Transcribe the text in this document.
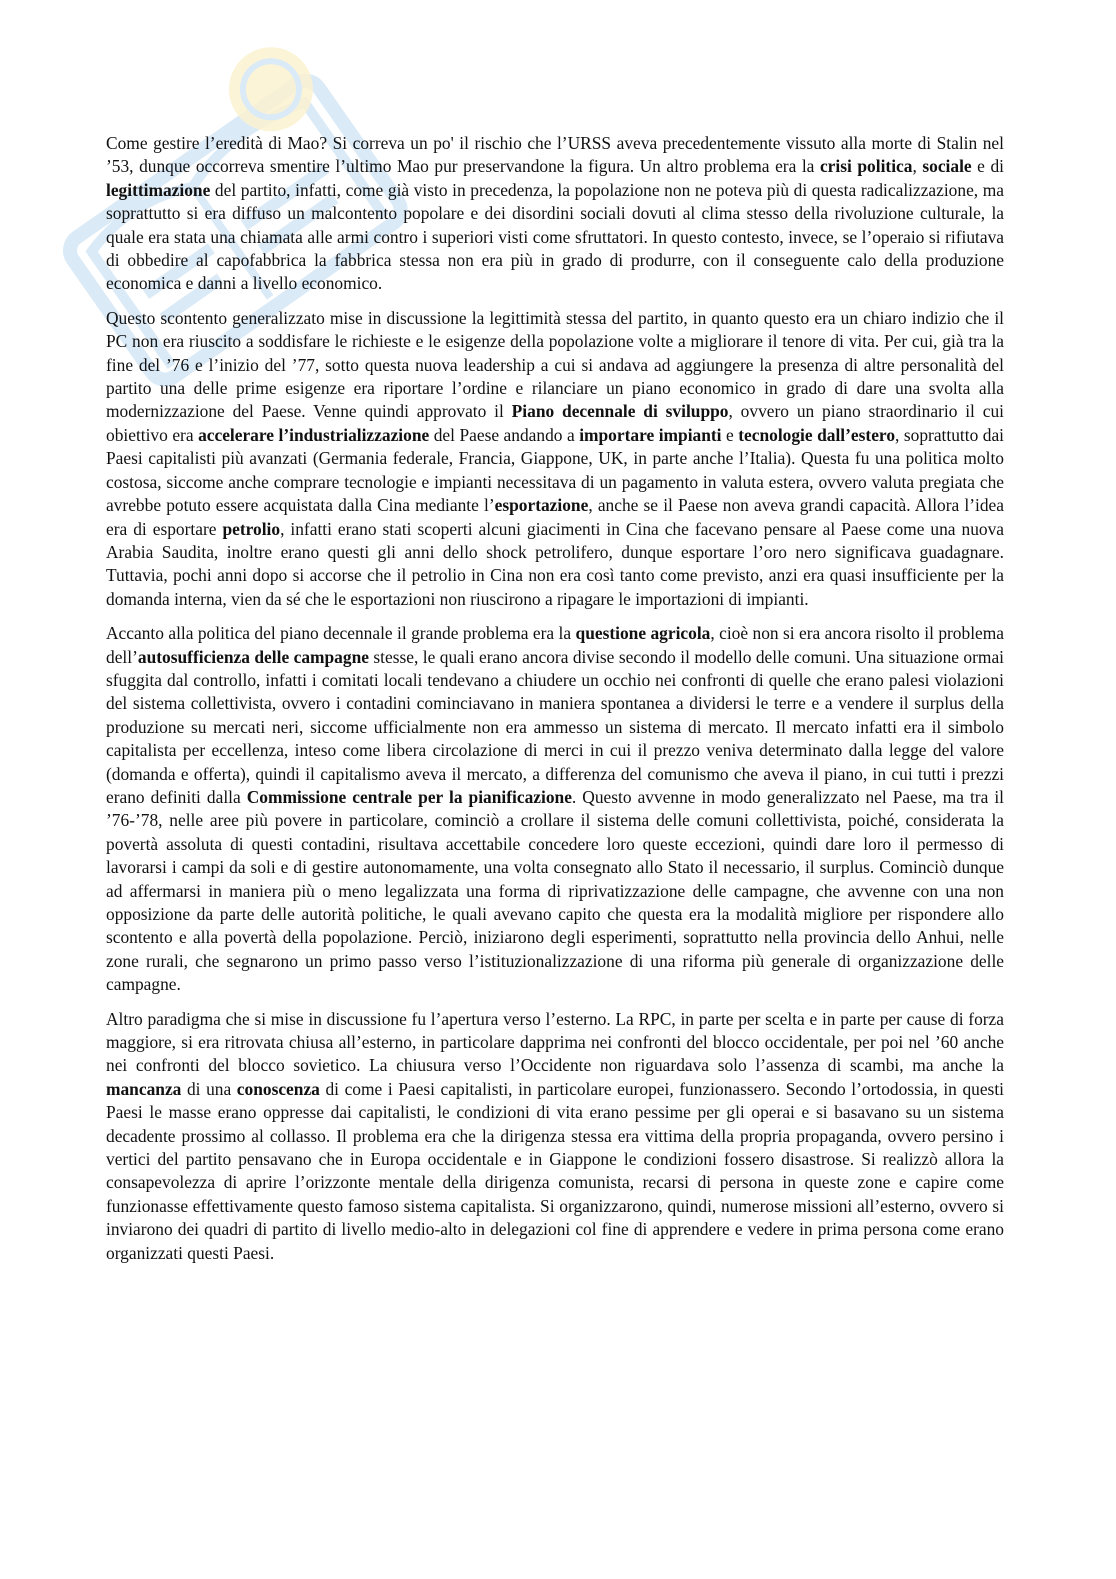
Come gestire l’eredità di Mao? Si correva un po' il rischio che l’URSS aveva precedentemente vissuto alla morte di Stalin nel ’53, dunque occorreva smentire l’ultimo Mao pur preservandone la figura. Un altro problema era la crisi politica, sociale e di legittimazione del partito, infatti, come già visto in precedenza, la popolazione non ne poteva più di questa radicalizzazione, ma soprattutto si era diffuso un malcontento popolare e dei disordini sociali dovuti al clima stesso della rivoluzione culturale, la quale era stata una chiamata alle armi contro i superiori visti come sfruttatori. In questo contesto, invece, se l’operaio si rifiutava di obbedire al capofabbrica la fabbrica stessa non era più in grado di produrre, con il conseguente calo della produzione economica e danni a livello economico.

Questo scontento generalizzato mise in discussione la legittimità stessa del partito, in quanto questo era un chiaro indizio che il PC non era riuscito a soddisfare le richieste e le esigenze della popolazione volte a migliorare il tenore di vita. Per cui, già tra la fine del ’76 e l’inizio del ’77, sotto questa nuova leadership a cui si andava ad aggiungere la presenza di altre personalità del partito una delle prime esigenze era riportare l’ordine e rilanciare un piano economico in grado di dare una svolta alla modernizzazione del Paese. Venne quindi approvato il Piano decennale di sviluppo, ovvero un piano straordinario il cui obiettivo era accelerare l’industrializzazione del Paese andando a importare impianti e tecnologie dall’estero, soprattutto dai Paesi capitalisti più avanzati (Germania federale, Francia, Giappone, UK, in parte anche l’Italia). Questa fu una politica molto costosa, siccome anche comprare tecnologie e impianti necessitava di un pagamento in valuta estera, ovvero valuta pregiata che avrebbe potuto essere acquistata dalla Cina mediante l’esportazione, anche se il Paese non aveva grandi capacità. Allora l’idea era di esportare petrolio, infatti erano stati scoperti alcuni giacimenti in Cina che facevano pensare al Paese come una nuova Arabia Saudita, inoltre erano questi gli anni dello shock petrolifero, dunque esportare l’oro nero significava guadagnare. Tuttavia, pochi anni dopo si accorse che il petrolio in Cina non era così tanto come previsto, anzi era quasi insufficiente per la domanda interna, vien da sé che le esportazioni non riuscirono a ripagare le importazioni di impianti.

Accanto alla politica del piano decennale il grande problema era la questione agricola, cioè non si era ancora risolto il problema dell’autosufficienza delle campagne stesse, le quali erano ancora divise secondo il modello delle comuni. Una situazione ormai sfuggita dal controllo, infatti i comitati locali tendevano a chiudere un occhio nei confronti di quelle che erano palesi violazioni del sistema collettivista, ovvero i contadini cominciavano in maniera spontanea a dividersi le terre e a vendere il surplus della produzione su mercati neri, siccome ufficialmente non era ammesso un sistema di mercato. Il mercato infatti era il simbolo capitalista per eccellenza, inteso come libera circolazione di merci in cui il prezzo veniva determinato dalla legge del valore (domanda e offerta), quindi il capitalismo aveva il mercato, a differenza del comunismo che aveva il piano, in cui tutti i prezzi erano definiti dalla Commissione centrale per la pianificazione. Questo avvenne in modo generalizzato nel Paese, ma tra il ’76-’78, nelle aree più povere in particolare, cominciò a crollare il sistema delle comuni collettivista, poiché, considerata la povertà assoluta di questi contadini, risultava accettabile concedere loro queste eccezioni, quindi dare loro il permesso di lavorarsi i campi da soli e di gestire autonomamente, una volta consegnato allo Stato il necessario, il surplus. Cominciò dunque ad affermarsi in maniera più o meno legalizzata una forma di riprivatizzazione delle campagne, che avvenne con una non opposizione da parte delle autorità politiche, le quali avevano capito che questa era la modalità migliore per rispondere allo scontento e alla povertà della popolazione. Perciò, iniziarono degli esperimenti, soprattutto nella provincia dello Anhui, nelle zone rurali, che segnarono un primo passo verso l’istituzionalizzazione di una riforma più generale di organizzazione delle campagne.

Altro paradigma che si mise in discussione fu l’apertura verso l’esterno. La RPC, in parte per scelta e in parte per cause di forza maggiore, si era ritrovata chiusa all’esterno, in particolare dapprima nei confronti del blocco occidentale, per poi nel ’60 anche nei confronti del blocco sovietico. La chiusura verso l’Occidente non riguardava solo l’assenza di scambi, ma anche la mancanza di una conoscenza di come i Paesi capitalisti, in particolare europei, funzionassero. Secondo l’ortodossia, in questi Paesi le masse erano oppresse dai capitalisti, le condizioni di vita erano pessime per gli operai e si basavano su un sistema decadente prossimo al collasso. Il problema era che la dirigenza stessa era vittima della propria propaganda, ovvero persino i vertici del partito pensavano che in Europa occidentale e in Giappone le condizioni fossero disastrose. Si realizzò allora la consapevolezza di aprire l’orizzonte mentale della dirigenza comunista, recarsi di persona in queste zone e capire come funzionasse effettivamente questo famoso sistema capitalista. Si organizzarono, quindi, numerose missioni all’esterno, ovvero si inviarono dei quadri di partito di livello medio-alto in delegazioni col fine di apprendere e vedere in prima persona come erano organizzati questi Paesi.
